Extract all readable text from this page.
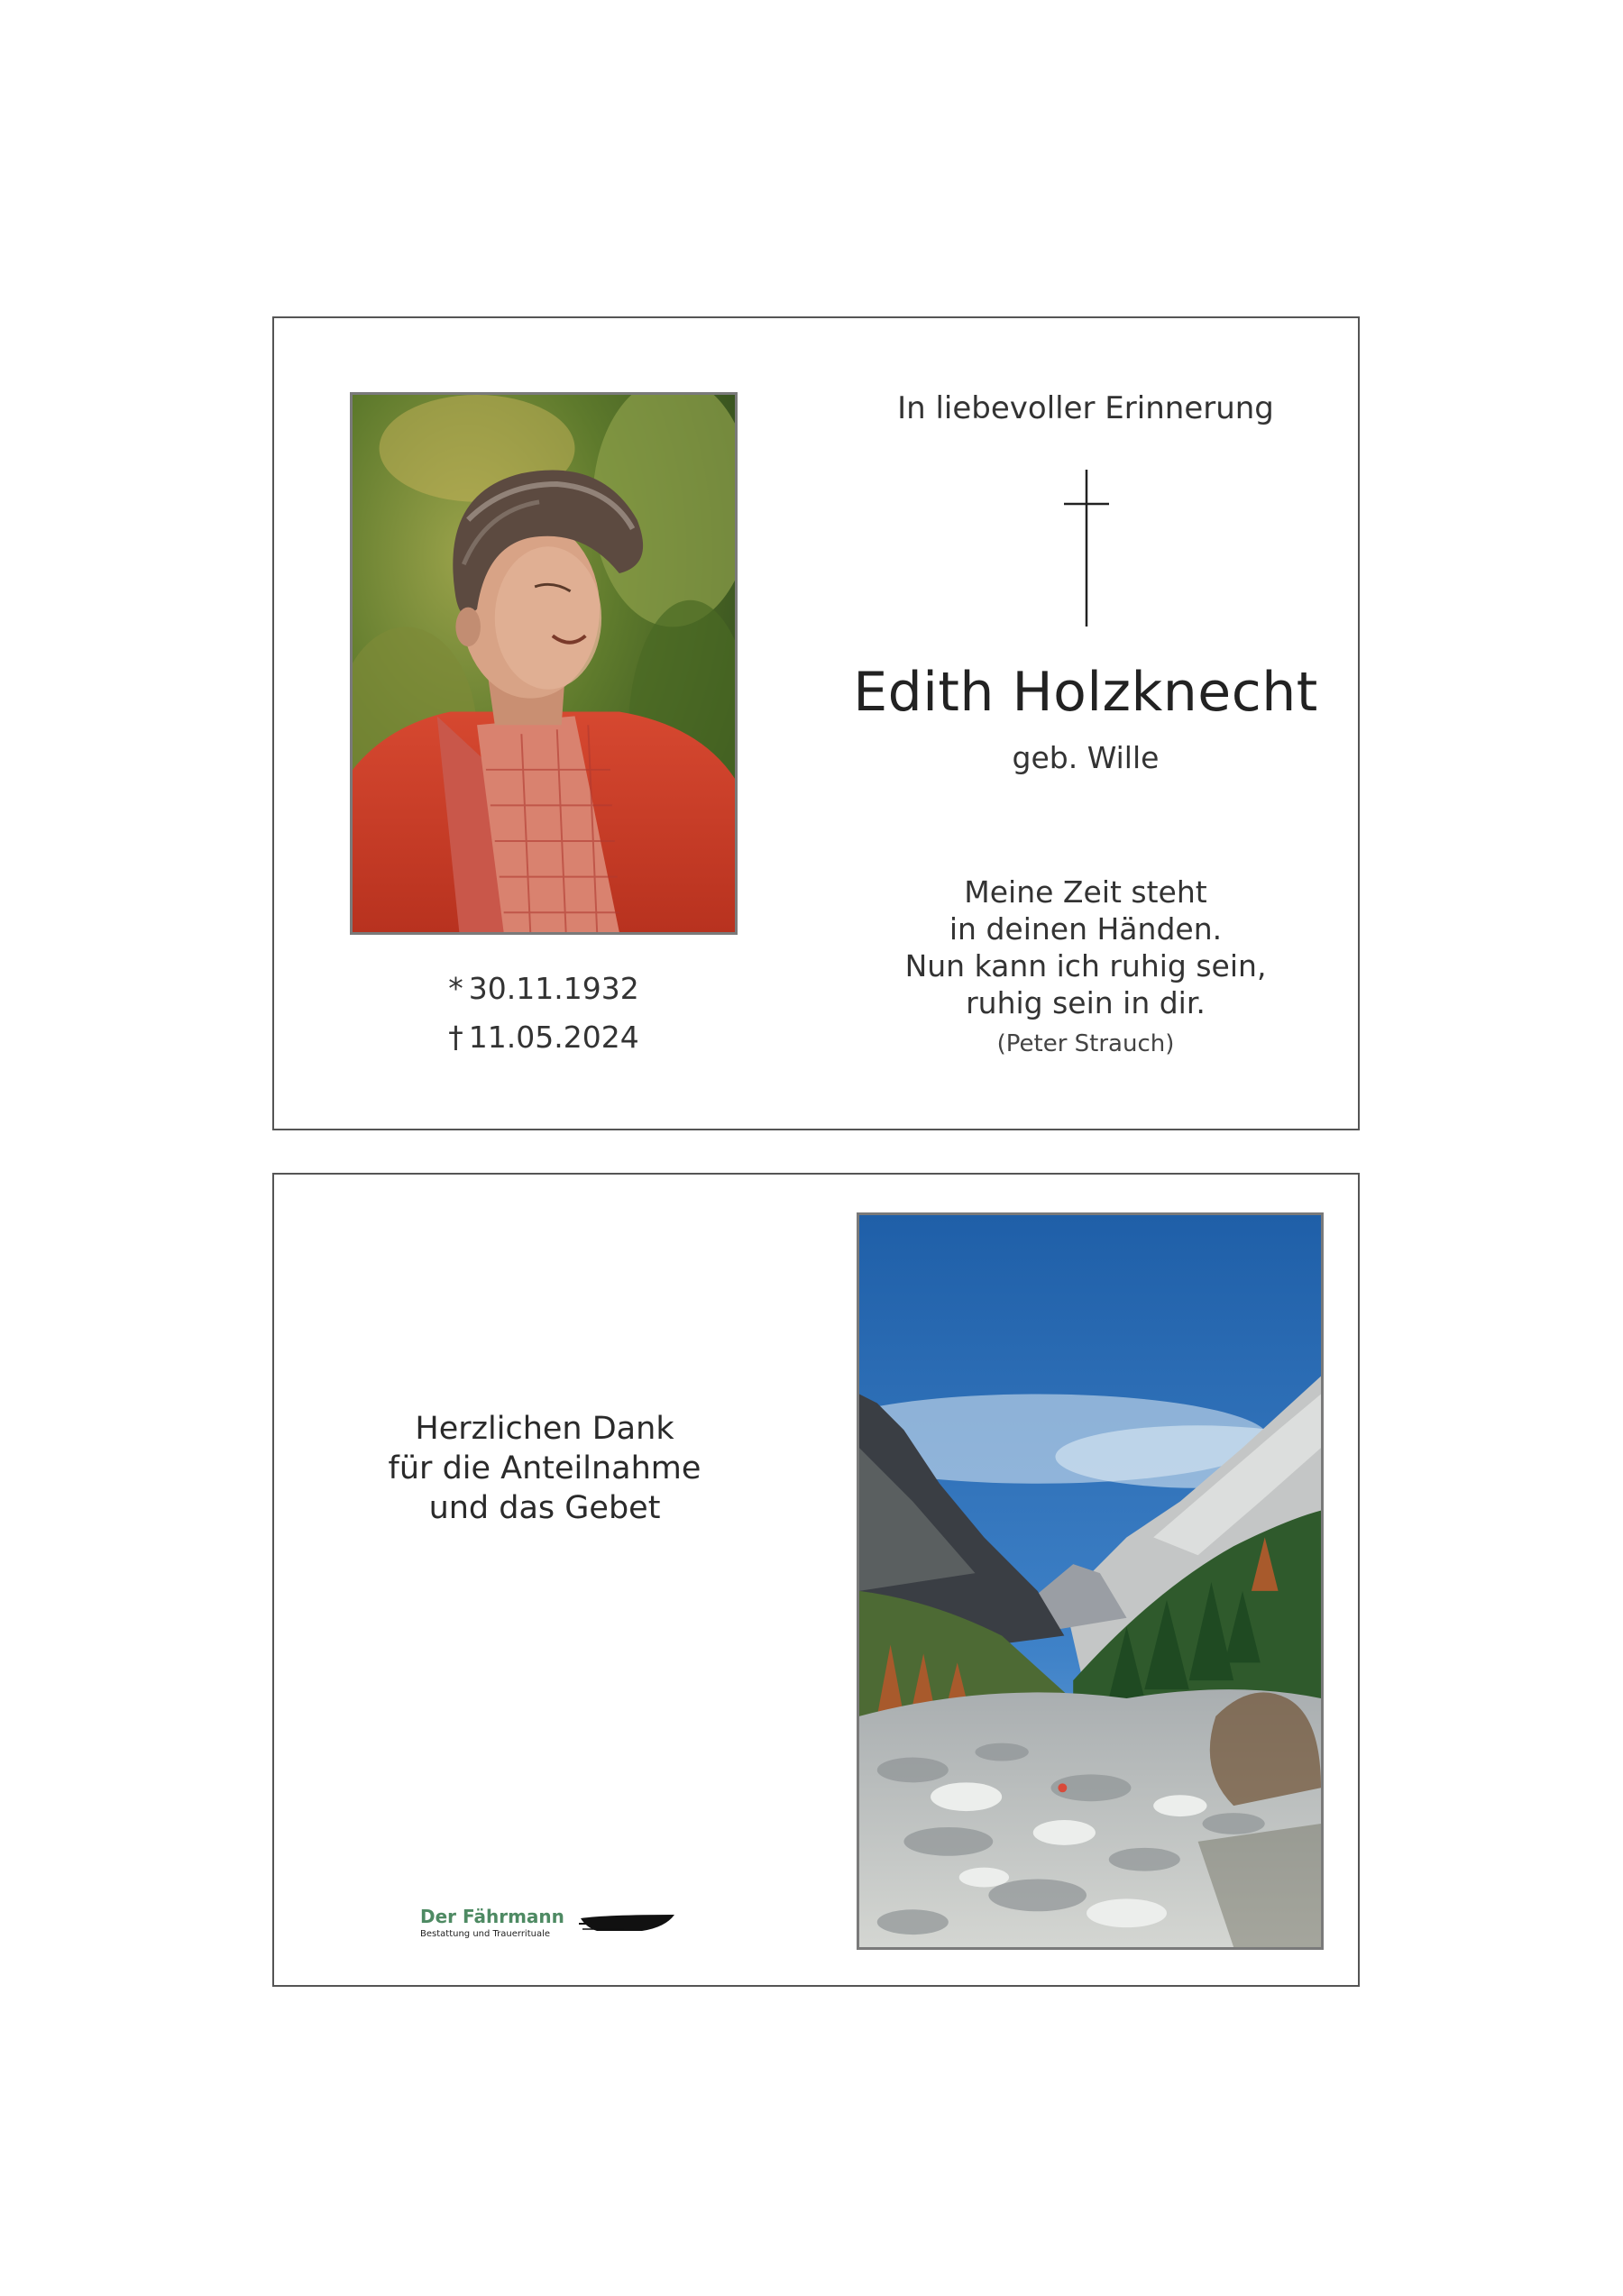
* 30.11.1932
† 11.05.2024
In liebevoller Erinnerung
Edith Holzknecht
geb. Wille
Meine Zeit steht
in deinen Händen.
Nun kann ich ruhig sein,
ruhig sein in dir.
(Peter Strauch)
Herzlichen Dank
für die Anteilnahme
und das Gebet
Der Fährmann
Bestattung und Trauerrituale
